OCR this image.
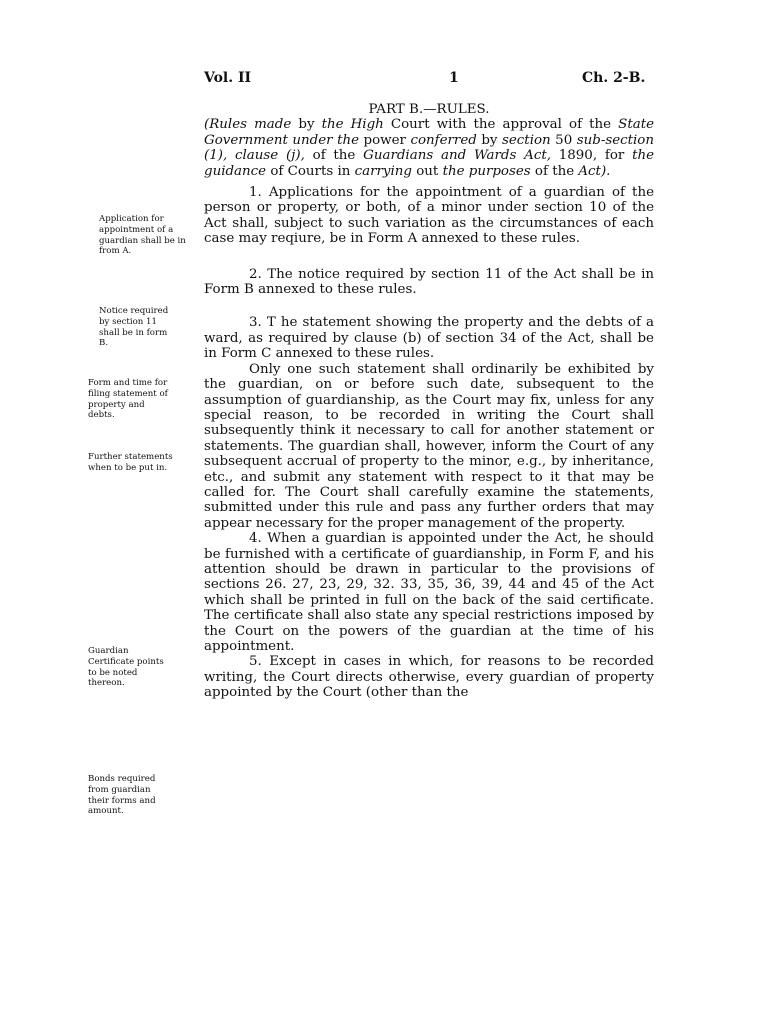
Vol. II	1	Ch. 2-B.

PART B.—RULES.

(Rules made by the High Court with the approval of the State Government under the power conferred by section 50 sub-section (1), clause (j), of the Guardians and Wards Act, 1890, for the guidance of Courts in carrying out the purposes of the Act).

1. Applications for the appointment of a guardian of the person or property, or both, of a minor under section 10 of the Act shall, subject to such variation as the circumstances of each case may reqiure, be in Form A annexed to these rules.

2. The notice required by section 11 of the Act shall be in Form B annexed to these rules.

3. T he statement showing the property and the debts of a ward, as required by clause (b) of section 34 of the Act, shall be in Form C annexed to these rules.

Only one such statement shall ordinarily be exhibited by the guardian, on or before such date, subsequent to the assumption of guardianship, as the Court may fix, unless for any special reason, to be recorded in writing the Court shall subsequently think it necessary to call for another statement or statements. The guardian shall, however, inform the Court of any subsequent accrual of property to the minor, e.g., by inheritance, etc., and submit any statement with respect to it that may be called for. The Court shall carefully examine the statements, submitted under this rule and pass any further orders that may appear necessary for the proper management of the property.

4. When a guardian is appointed under the Act, he should be furnished with a certificate of guardianship, in Form F, and his attention should be drawn in particular to the provisions of sections 26. 27, 23, 29, 32. 33, 35, 36, 39, 44 and 45 of the Act which shall be printed in full on the back of the said certificate. The certificate shall also state any special restrictions imposed by the Court on the powers of the guardian at the time of his appointment.

5. Except in cases in which, for reasons to be recorded writing, the Court directs otherwise, every guardian of property appointed by the Court (other than the

Application for appointment of a guardian shall be in from A.
Notice required by section 11 shall be in form B.
Form and time for filing statement of property and debts.
Further statements when to be put in.
Guardian Certificate points to be noted thereon.
Bonds required from guardian their forms and amount.
